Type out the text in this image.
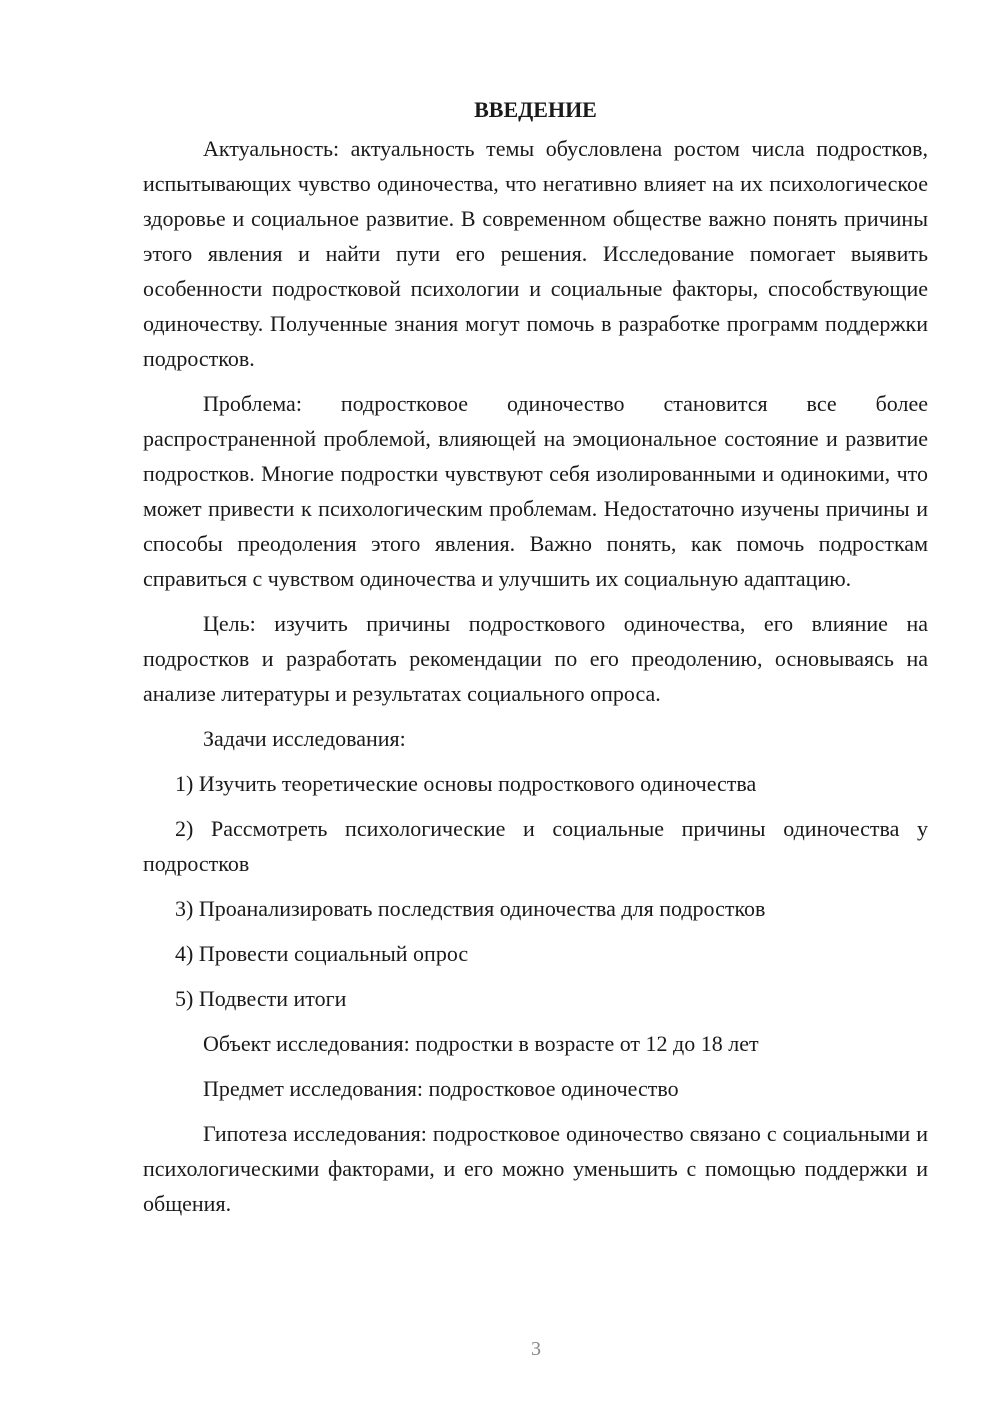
ВВЕДЕНИЕ

Актуальность: актуальность темы обусловлена ростом числа подростков, испытывающих чувство одиночества, что негативно влияет на их психологическое здоровье и социальное развитие. В современном обществе важно понять причины этого явления и найти пути его решения. Исследование помогает выявить особенности подростковой психологии и социальные факторы, способствующие одиночеству. Полученные знания могут помочь в разработке программ поддержки подростков.

Проблема: подростковое одиночество становится все более распространенной проблемой, влияющей на эмоциональное состояние и развитие подростков. Многие подростки чувствуют себя изолированными и одинокими, что может привести к психологическим проблемам. Недостаточно изучены причины и способы преодоления этого явления. Важно понять, как помочь подросткам справиться с чувством одиночества и улучшить их социальную адаптацию.

Цель: изучить причины подросткового одиночества, его влияние на подростков и разработать рекомендации по его преодолению, основываясь на анализе литературы и результатах социального опроса.

Задачи исследования:

1) Изучить теоретические основы подросткового одиночества

2) Рассмотреть психологические и социальные причины одиночества у подростков

3) Проанализировать последствия одиночества для подростков

4) Провести социальный опрос

5) Подвести итоги

Объект исследования: подростки в возрасте от 12 до 18 лет

Предмет исследования: подростковое одиночество

Гипотеза исследования: подростковое одиночество связано с социальными и психологическими факторами, и его можно уменьшить с помощью поддержки и общения.

3
